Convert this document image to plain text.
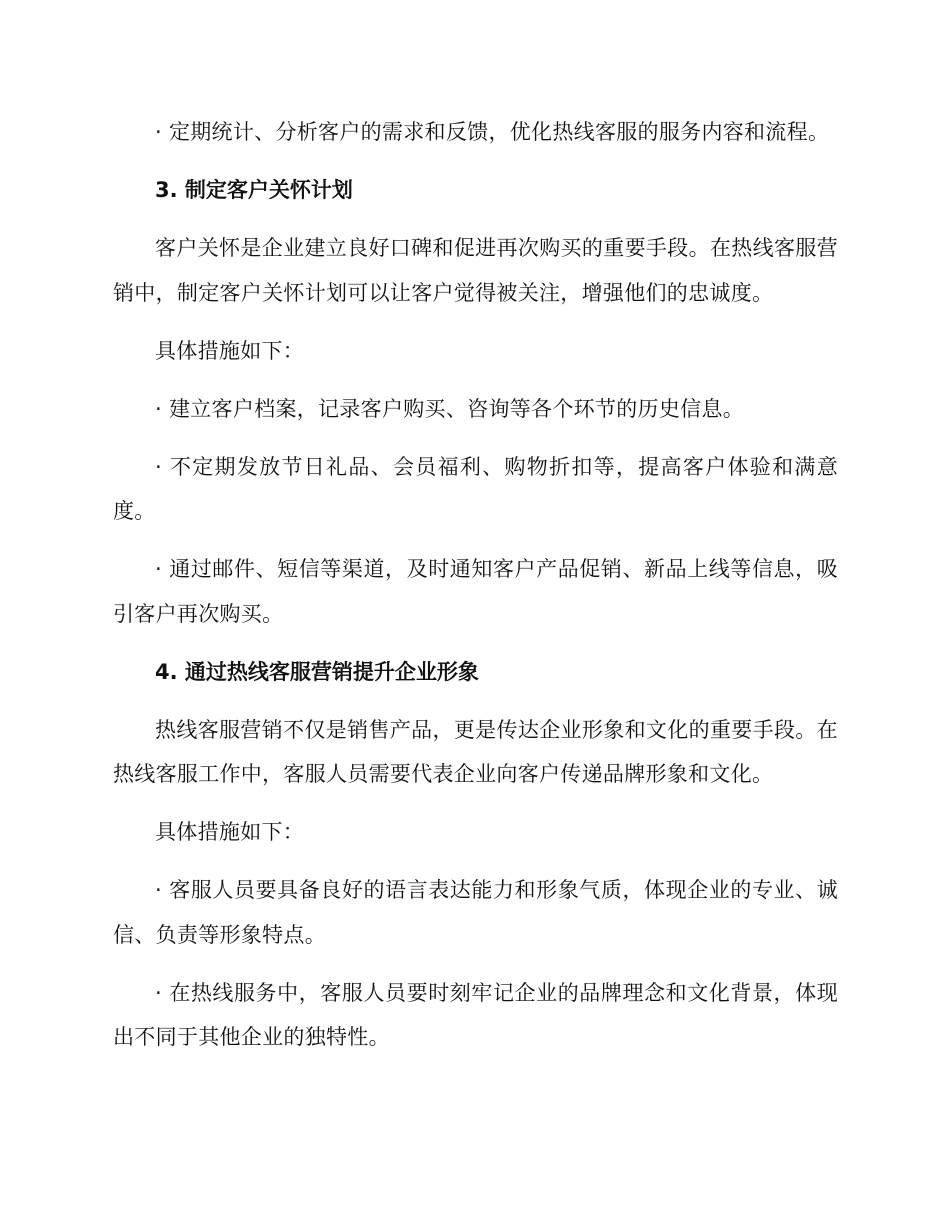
· 定期统计、分析客户的需求和反馈，优化热线客服的服务内容和流程。

3. 制定客户关怀计划

客户关怀是企业建立良好口碑和促进再次购买的重要手段。在热线客服营销中，制定客户关怀计划可以让客户觉得被关注，增强他们的忠诚度。

具体措施如下：

· 建立客户档案，记录客户购买、咨询等各个环节的历史信息。

· 不定期发放节日礼品、会员福利、购物折扣等，提高客户体验和满意度。

· 通过邮件、短信等渠道，及时通知客户产品促销、新品上线等信息，吸引客户再次购买。

4. 通过热线客服营销提升企业形象

热线客服营销不仅是销售产品，更是传达企业形象和文化的重要手段。在热线客服工作中，客服人员需要代表企业向客户传递品牌形象和文化。

具体措施如下：

· 客服人员要具备良好的语言表达能力和形象气质，体现企业的专业、诚信、负责等形象特点。

· 在热线服务中，客服人员要时刻牢记企业的品牌理念和文化背景，体现出不同于其他企业的独特性。
